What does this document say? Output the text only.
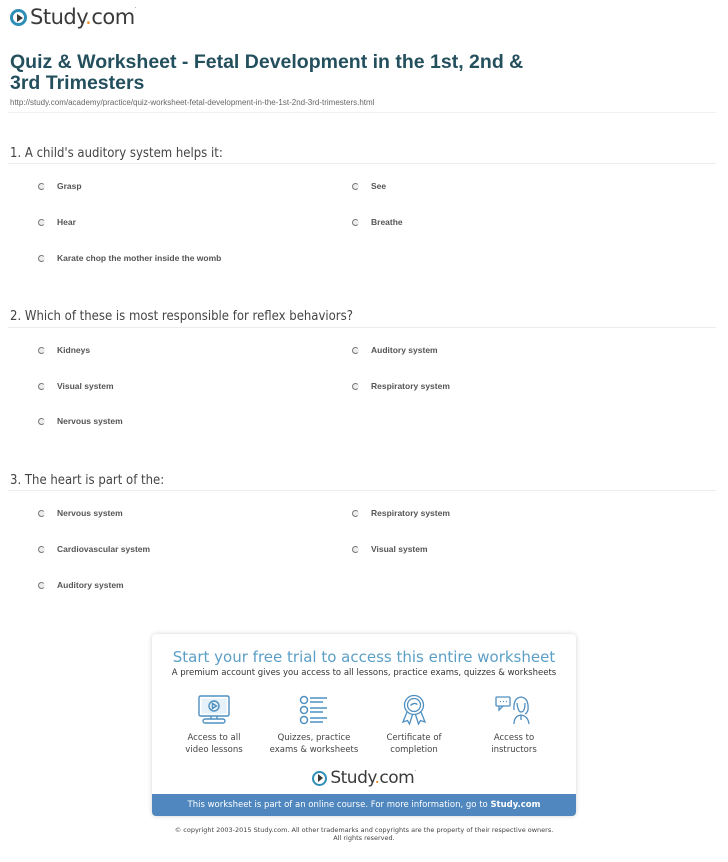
Study.com·
Quiz & Worksheet - Fetal Development in the 1st, 2nd & 3rd Trimesters
http://study.com/academy/practice/quiz-worksheet-fetal-development-in-the-1st-2nd-3rd-trimesters.html
1. A child's auditory system helps it:
Grasp	See
Hear	Breathe
Karate chop the mother inside the womb
2. Which of these is most responsible for reflex behaviors?
Kidneys	Auditory system
Visual system	Respiratory system
Nervous system
3. The heart is part of the:
Nervous system	Respiratory system
Cardiovascular system	Visual system
Auditory system
Start your free trial to access this entire worksheet
A premium account gives you access to all lessons, practice exams, quizzes & worksheets
Access to all
video lessons
Quizzes, practice
exams & worksheets
Certificate of
completion
Access to
instructors
Study.com·
This worksheet is part of an online course. For more information, go to Study.com
© copyright 2003-2015 Study.com. All other trademarks and copyrights are the property of their respective owners.
All rights reserved.
